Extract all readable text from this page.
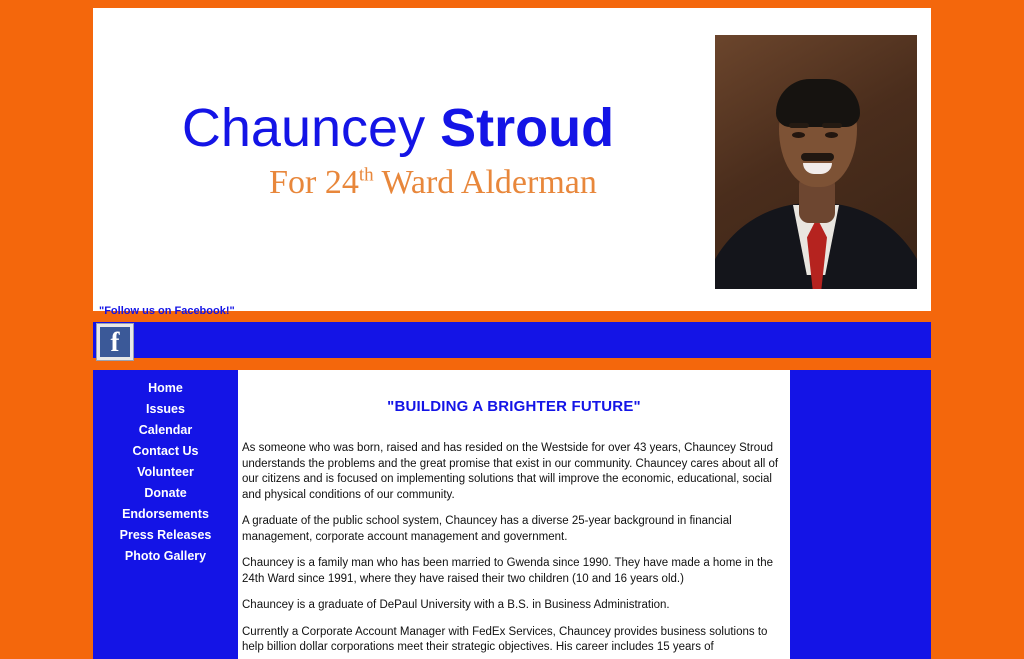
Chauncey Stroud
For 24th Ward Alderman
"Follow us on Facebook!"
f
Home
Issues
Calendar
Contact Us
Volunteer
Donate
Endorsements
Press Releases
Photo Gallery
"BUILDING A BRIGHTER FUTURE"

As someone who was born, raised and has resided on the Westside for over 43 years, Chauncey Stroud understands the problems and the great promise that exist in our community. Chauncey cares about all of our citizens and is focused on implementing solutions that will improve the economic, educational, social and physical conditions of our community.

A graduate of the public school system, Chauncey has a diverse 25-year background in financial management, corporate account management and government.

Chauncey is a family man who has been married to Gwenda since 1990. They have made a home in the 24th Ward since 1991, where they have raised their two children (10 and 16 years old.)

Chauncey is a graduate of DePaul University with a B.S. in Business Administration.

Currently a Corporate Account Manager with FedEx Services, Chauncey provides business solutions to help billion dollar corporations meet their strategic objectives. His career includes 15 years of
